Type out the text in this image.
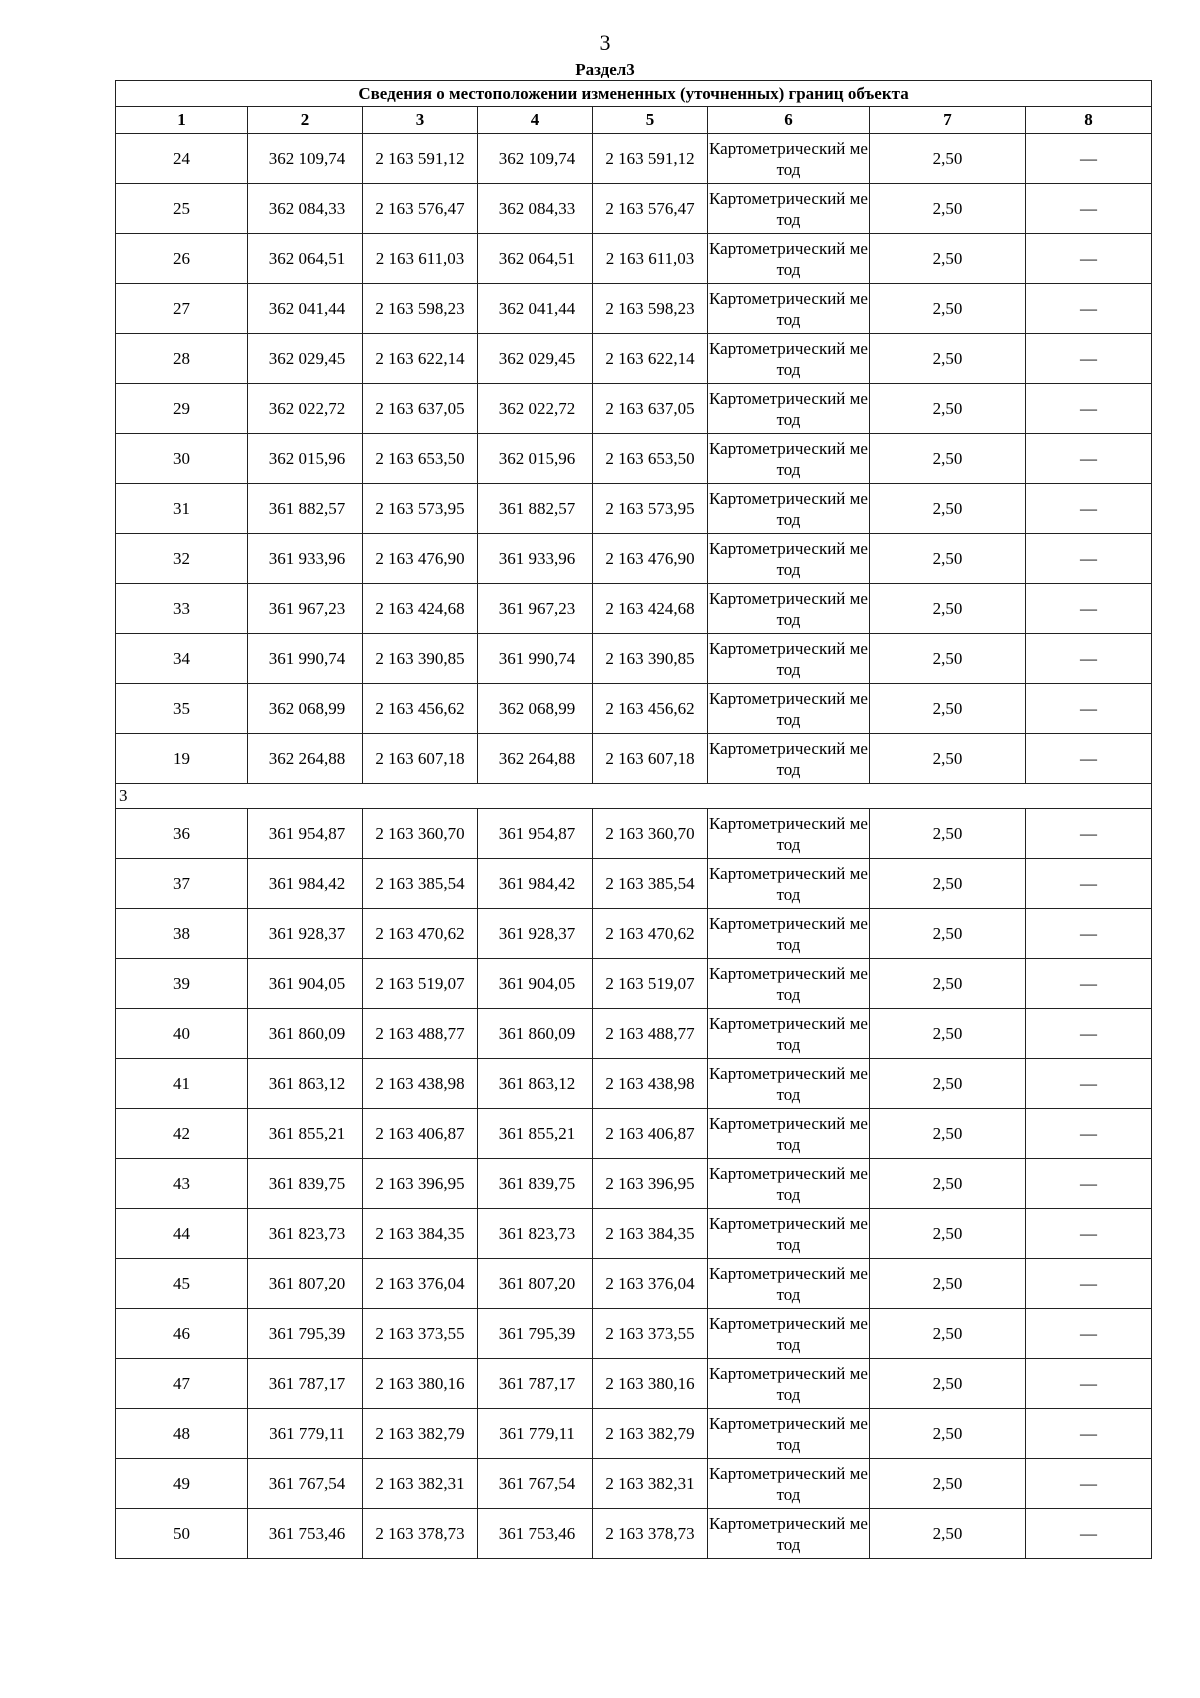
3
Раздел3
Сведения о местоположении измененных (уточненных) границ объекта							
1	2	3	4	5	6	7	8
24	362 109,74	2 163 591,12	362 109,74	2 163 591,12	Картометрический метод	2,50	—
25	362 084,33	2 163 576,47	362 084,33	2 163 576,47	Картометрический метод	2,50	—
26	362 064,51	2 163 611,03	362 064,51	2 163 611,03	Картометрический метод	2,50	—
27	362 041,44	2 163 598,23	362 041,44	2 163 598,23	Картометрический метод	2,50	—
28	362 029,45	2 163 622,14	362 029,45	2 163 622,14	Картометрический метод	2,50	—
29	362 022,72	2 163 637,05	362 022,72	2 163 637,05	Картометрический метод	2,50	—
30	362 015,96	2 163 653,50	362 015,96	2 163 653,50	Картометрический метод	2,50	—
31	361 882,57	2 163 573,95	361 882,57	2 163 573,95	Картометрический метод	2,50	—
32	361 933,96	2 163 476,90	361 933,96	2 163 476,90	Картометрический метод	2,50	—
33	361 967,23	2 163 424,68	361 967,23	2 163 424,68	Картометрический метод	2,50	—
34	361 990,74	2 163 390,85	361 990,74	2 163 390,85	Картометрический метод	2,50	—
35	362 068,99	2 163 456,62	362 068,99	2 163 456,62	Картометрический метод	2,50	—
19	362 264,88	2 163 607,18	362 264,88	2 163 607,18	Картометрический метод	2,50	—
3							
36	361 954,87	2 163 360,70	361 954,87	2 163 360,70	Картометрический метод	2,50	—
37	361 984,42	2 163 385,54	361 984,42	2 163 385,54	Картометрический метод	2,50	—
38	361 928,37	2 163 470,62	361 928,37	2 163 470,62	Картометрический метод	2,50	—
39	361 904,05	2 163 519,07	361 904,05	2 163 519,07	Картометрический метод	2,50	—
40	361 860,09	2 163 488,77	361 860,09	2 163 488,77	Картометрический метод	2,50	—
41	361 863,12	2 163 438,98	361 863,12	2 163 438,98	Картометрический метод	2,50	—
42	361 855,21	2 163 406,87	361 855,21	2 163 406,87	Картометрический метод	2,50	—
43	361 839,75	2 163 396,95	361 839,75	2 163 396,95	Картометрический метод	2,50	—
44	361 823,73	2 163 384,35	361 823,73	2 163 384,35	Картометрический метод	2,50	—
45	361 807,20	2 163 376,04	361 807,20	2 163 376,04	Картометрический метод	2,50	—
46	361 795,39	2 163 373,55	361 795,39	2 163 373,55	Картометрический метод	2,50	—
47	361 787,17	2 163 380,16	361 787,17	2 163 380,16	Картометрический метод	2,50	—
48	361 779,11	2 163 382,79	361 779,11	2 163 382,79	Картометрический метод	2,50	—
49	361 767,54	2 163 382,31	361 767,54	2 163 382,31	Картометрический метод	2,50	—
50	361 753,46	2 163 378,73	361 753,46	2 163 378,73	Картометрический метод	2,50	—
